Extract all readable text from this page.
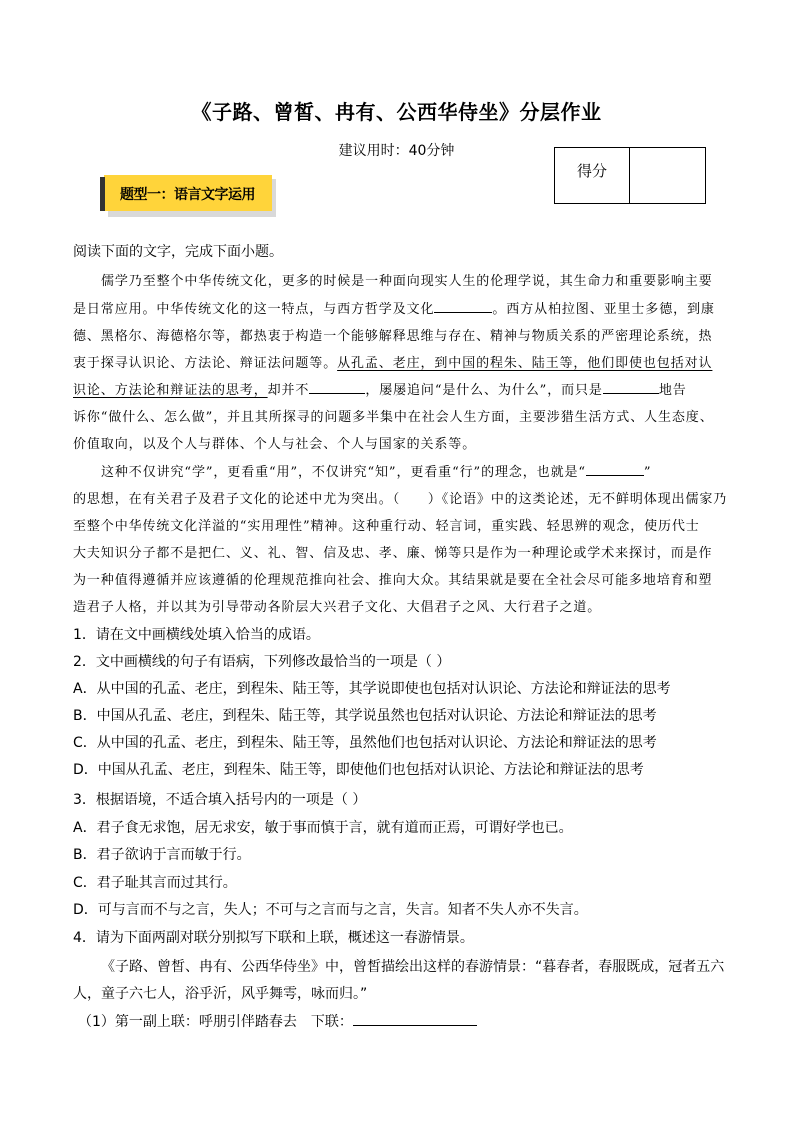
《子路、曾皙、冉有、公西华侍坐》分层作业
建议用时：40分钟
得分
题型一：语言文字运用
阅读下面的文字，完成下面小题。
儒学乃至整个中华传统文化，更多的时候是一种面向现实人生的伦理学说，其生命力和重要影响主要
是日常应用。中华传统文化的这一特点，与西方哲学及文化	。西方从柏拉图、亚里士多德，到康
德、黑格尔、海德格尔等，都热衷于构造一个能够解释思维与存在、精神与物质关系的严密理论系统，热
衷于探寻认识论、方法论、辩证法问题等。从孔孟、老庄，到中国的程朱、陆王等，他们即使也包括对认
识论、方法论和辩证法的思考，却并不	，屡屡追问“是什么、为什么”，而只是	地告
诉你“做什么、怎么做”，并且其所探寻的问题多半集中在社会人生方面，主要涉猎生活方式、人生态度、
价值取向，以及个人与群体、个人与社会、个人与国家的关系等。
这种不仅讲究“学”，更看重“用”，不仅讲究“知”，更看重“行”的理念，也就是“	”
的思想，在有关君子及君子文化的论述中尤为突出。（　　）《论语》中的这类论述，无不鲜明体现出儒家乃
至整个中华传统文化洋溢的“实用理性”精神。这种重行动、轻言词，重实践、轻思辨的观念，使历代士
大夫知识分子都不是把仁、义、礼、智、信及忠、孝、廉、悌等只是作为一种理论或学术来探讨，而是作
为一种值得遵循并应该遵循的伦理规范推向社会、推向大众。其结果就是要在全社会尽可能多地培育和塑
造君子人格，并以其为引导带动各阶层大兴君子文化、大倡君子之风、大行君子之道。
1．请在文中画横线处填入恰当的成语。
2．文中画横线的句子有语病，下列修改最恰当的一项是（ ）
A．从中国的孔孟、老庄，到程朱、陆王等，其学说即使也包括对认识论、方法论和辩证法的思考
B．中国从孔孟、老庄，到程朱、陆王等，其学说虽然也包括对认识论、方法论和辩证法的思考
C．从中国的孔孟、老庄，到程朱、陆王等，虽然他们也包括对认识论、方法论和辩证法的思考
D．中国从孔孟、老庄，到程朱、陆王等，即使他们也包括对认识论、方法论和辩证法的思考
3．根据语境，不适合填入括号内的一项是（ ）
A．君子食无求饱，居无求安，敏于事而慎于言，就有道而正焉，可谓好学也已。
B．君子欲讷于言而敏于行。
C．君子耻其言而过其行。
D．可与言而不与之言，失人；不可与之言而与之言，失言。知者不失人亦不失言。
4．请为下面两副对联分别拟写下联和上联，概述这一春游情景。
《子路、曾皙、冉有、公西华侍坐》中，曾皙描绘出这样的春游情景：“暮春者，春服既成，冠者五六
人，童子六七人，浴乎沂，风乎舞雩，咏而归。”
（1）第一副上联：呼朋引伴踏春去　下联：
